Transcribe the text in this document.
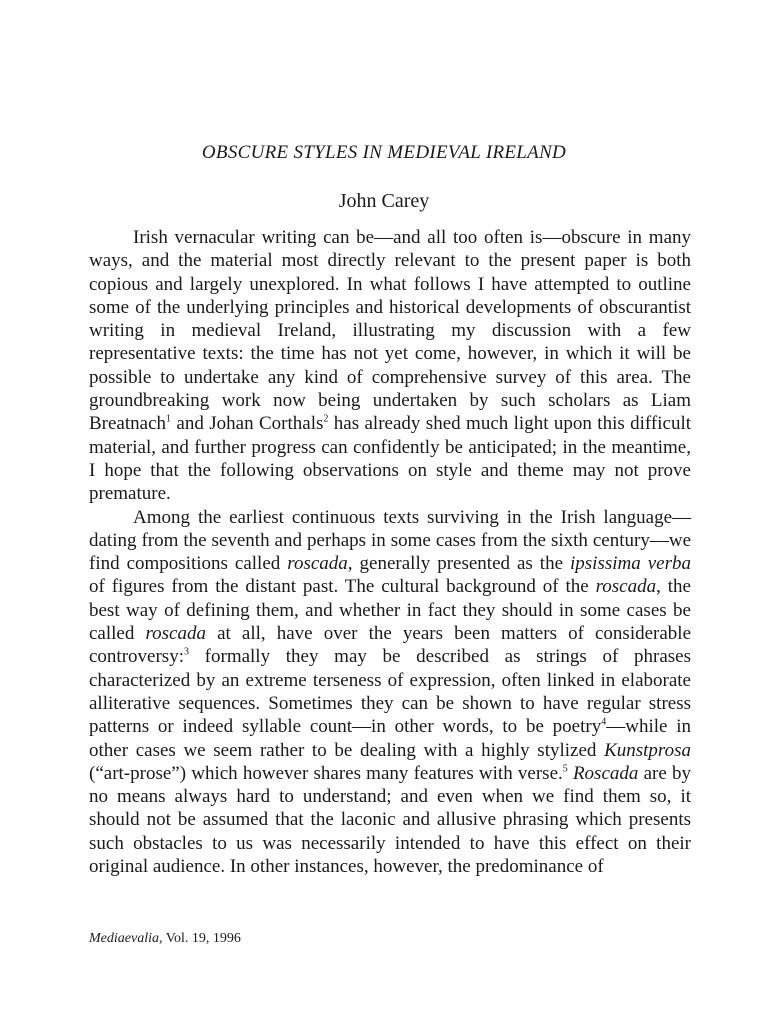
OBSCURE STYLES IN MEDIEVAL IRELAND
John Carey

Irish vernacular writing can be—and all too often is—obscure in many ways, and the material most directly relevant to the present paper is both copious and largely unexplored. In what follows I have attempted to outline some of the underlying principles and historical developments of obscurantist writing in medieval Ireland, illustrating my discussion with a few representative texts: the time has not yet come, however, in which it will be possible to undertake any kind of comprehensive survey of this area. The groundbreaking work now being undertaken by such scholars as Liam Breatnach$^1$ and Johan Corthals$^2$ has already shed much light upon this difficult material, and further progress can confidently be anticipated; in the meantime, I hope that the following observations on style and theme may not prove premature.

Among the earliest continuous texts surviving in the Irish language—dating from the seventh and perhaps in some cases from the sixth century—we find compositions called roscada, generally presented as the ipsissima verba of figures from the distant past. The cultural background of the roscada, the best way of defining them, and whether in fact they should in some cases be called roscada at all, have over the years been matters of considerable controversy:$^3$ formally they may be described as strings of phrases characterized by an extreme terseness of expression, often linked in elaborate alliterative sequences. Sometimes they can be shown to have regular stress patterns or indeed syllable count—in other words, to be poetry$^4$—while in other cases we seem rather to be dealing with a highly stylized Kunstprosa (“art-prose”) which however shares many features with verse.$^5$ Roscada are by no means always hard to understand; and even when we find them so, it should not be assumed that the laconic and allusive phrasing which presents such obstacles to us was necessarily intended to have this effect on their original audience. In other instances, however, the predominance of

Mediaevalia, Vol. 19, 1996
